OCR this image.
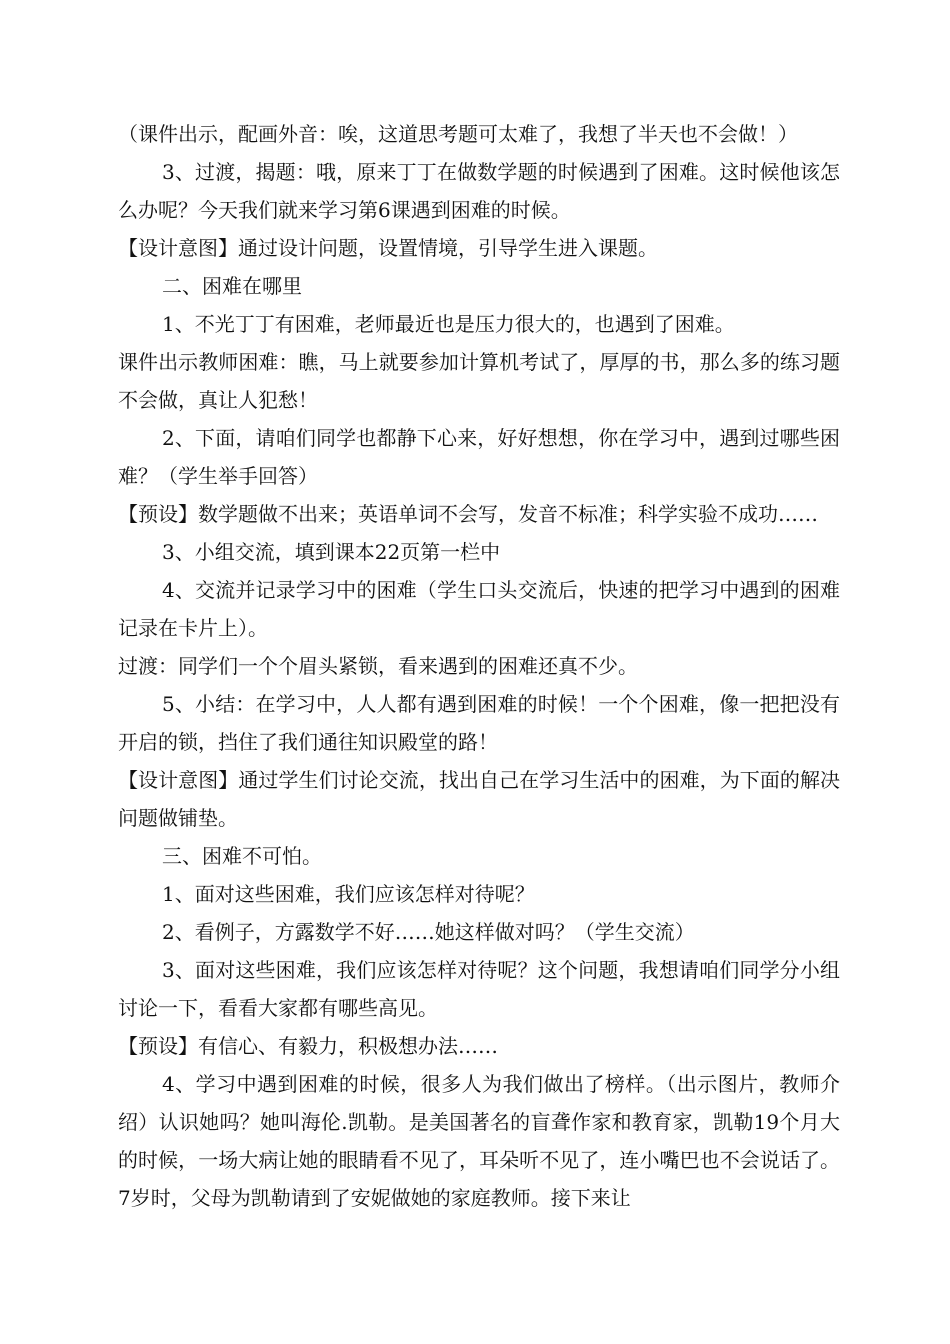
（课件出示，配画外音：唉，这道思考题可太难了，我想了半天也不会做！）

3、过渡，揭题：哦，原来丁丁在做数学题的时候遇到了困难。这时候他该怎么办呢？今天我们就来学习第6课遇到困难的时候。

【设计意图】通过设计问题，设置情境，引导学生进入课题。

二、困难在哪里

1、不光丁丁有困难，老师最近也是压力很大的，也遇到了困难。

课件出示教师困难：瞧，马上就要参加计算机考试了，厚厚的书，那么多的练习题不会做，真让人犯愁！

2、下面，请咱们同学也都静下心来，好好想想，你在学习中，遇到过哪些困难？（学生举手回答）

【预设】数学题做不出来；英语单词不会写，发音不标准；科学实验不成功……

3、小组交流，填到课本22页第一栏中

4、交流并记录学习中的困难（学生口头交流后，快速的把学习中遇到的困难记录在卡片上）。

过渡：同学们一个个眉头紧锁，看来遇到的困难还真不少。

5、小结：在学习中，人人都有遇到困难的时候！一个个困难，像一把把没有开启的锁，挡住了我们通往知识殿堂的路！

【设计意图】通过学生们讨论交流，找出自己在学习生活中的困难，为下面的解决问题做铺垫。

三、困难不可怕。

1、面对这些困难，我们应该怎样对待呢？

2、看例子，方露数学不好……她这样做对吗？（学生交流）

3、面对这些困难，我们应该怎样对待呢？这个问题，我想请咱们同学分小组讨论一下，看看大家都有哪些高见。

【预设】有信心、有毅力，积极想办法……

4、学习中遇到困难的时候，很多人为我们做出了榜样。（出示图片，教师介绍）认识她吗？她叫海伦.凯勒。是美国著名的盲聋作家和教育家，凯勒19个月大的时候，一场大病让她的眼睛看不见了，耳朵听不见了，连小嘴巴也不会说话了。7岁时，父母为凯勒请到了安妮做她的家庭教师。接下来让
